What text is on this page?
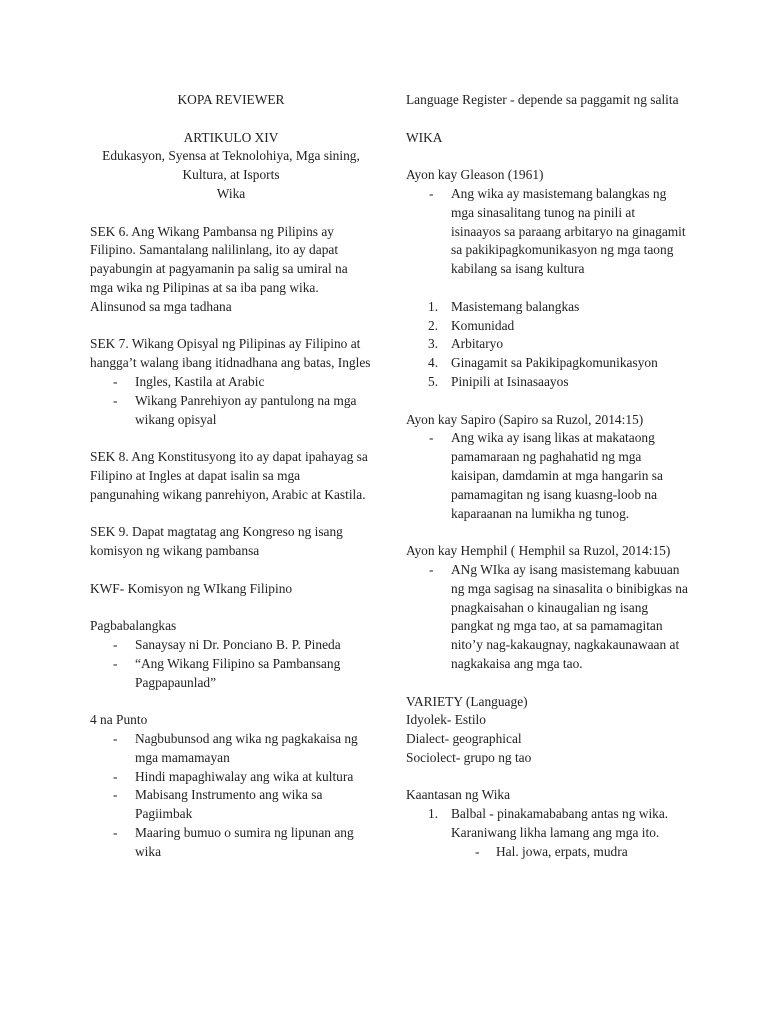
KOPA REVIEWER
ARTIKULO XIV
Edukasyon, Syensa at Teknolohiya, Mga sining, Kultura, at Isports
Wika

SEK 6. Ang Wikang Pambansa ng Pilipins ay Filipino. Samantalang nalilinlang, ito ay dapat payabungin at pagyamanin pa salig sa umiral na mga wika ng Pilipinas at sa iba pang wika. Alinsunod sa mga tadhana

SEK 7. Wikang Opisyal ng Pilipinas ay Filipino at hangga’t walang ibang itidnadhana ang batas, Ingles

- Ingles, Kastila at Arabic
- Wikang Panrehiyon ay pantulong na mga wikang opisyal

SEK 8. Ang Konstitusyong ito ay dapat ipahayag sa Filipino at Ingles at dapat isalin sa mga pangunahing wikang panrehiyon, Arabic at Kastila.

SEK 9. Dapat magtatag ang Kongreso ng isang komisyon ng wikang pambansa

KWF- Komisyon ng WIkang Filipino

Pagbabalangkas

- Sanaysay ni Dr. Ponciano B. P. Pineda
- “Ang Wikang Filipino sa Pambansang Pagpapaunlad”

4 na Punto

- Nagbubunsod ang wika ng pagkakaisa ng mga mamamayan
- Hindi mapaghiwalay ang wika at kultura
- Mabisang Instrumento ang wika sa Pagiimbak
- Maaring bumuo o sumira ng lipunan ang wika

Language Register - depende sa paggamit ng salita

WIKA

Ayon kay Gleason (1961)

- Ang wika ay masistemang balangkas ng mga sinasalitang tunog na pinili at isinaayos sa paraang arbitaryo na ginagamit sa pakikipagkomunikasyon ng mga taong kabilang sa isang kultura
1. Masistemang balangkas
2. Komunidad
3. Arbitaryo
4. Ginagamit sa Pakikipagkomunikasyon
5. Pinipili at Isinasaayos

Ayon kay Sapiro (Sapiro sa Ruzol, 2014:15)

- Ang wika ay isang likas at makataong pamamaraan ng paghahatid ng mga kaisipan, damdamin at mga hangarin sa pamamagitan ng isang kuasng-loob na kaparaanan na lumikha ng tunog.

Ayon kay Hemphil ( Hemphil sa Ruzol, 2014:15)

- ANg WIka ay isang masistemang kabuuan ng mga sagisag na sinasalita o binibigkas na pnagkaisahan o kinaugalian ng isang pangkat ng mga tao, at sa pamamagitan nito’y nag-kakaugnay, nagkakaunawaan at nagkakaisa ang mga tao.

VARIETY (Language)

Idyolek- Estilo

Dialect- geographical

Sociolect- grupo ng tao

Kaantasan ng Wika

1. Balbal - pinakamababang antas ng wika. Karaniwang likha lamang ang mga ito.
- Hal. jowa, erpats, mudra
